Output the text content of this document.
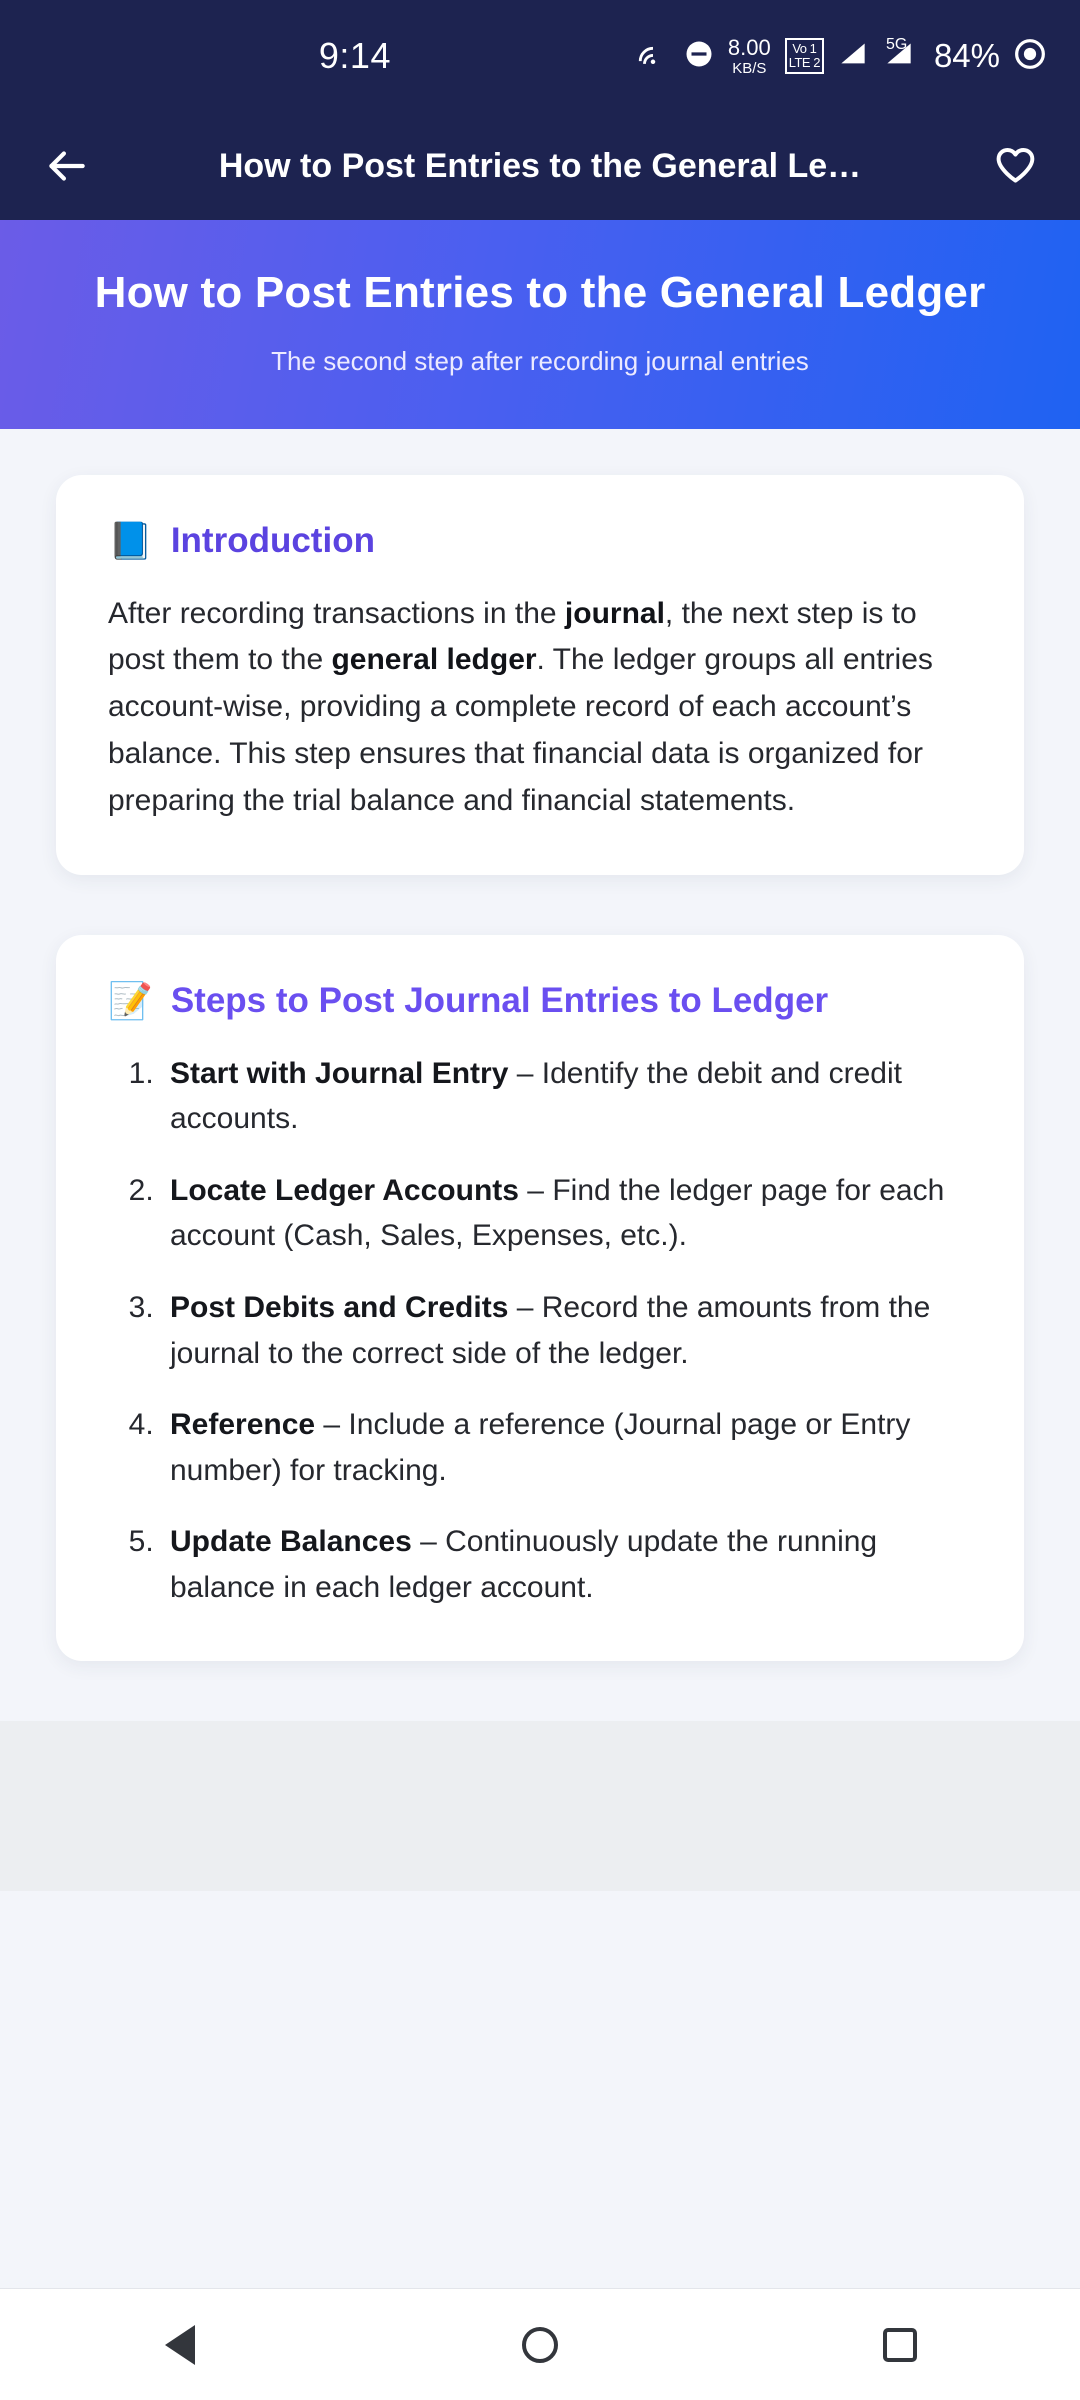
9:14	8.00
KB/S
Vo 1
LTE 2
5G 84%
How to Post Entries to the General Le…
How to Post Entries to the General Ledger

The second step after recording journal entries

📘 Introduction
After recording transactions in the journal, the next step is to post them to the general ledger. The ledger groups all entries account-wise, providing a complete record of each account’s balance. This step ensures that financial data is organized for preparing the trial balance and financial statements.
📝 Steps to Post Journal Entries to Ledger
1. Start with Journal Entry – Identify the debit and credit accounts.
2. Locate Ledger Accounts – Find the ledger page for each account (Cash, Sales, Expenses, etc.).
3. Post Debits and Credits – Record the amounts from the journal to the correct side of the ledger.
4. Reference – Include a reference (Journal page or Entry number) for tracking.
5. Update Balances – Continuously update the running balance in each ledger account.
